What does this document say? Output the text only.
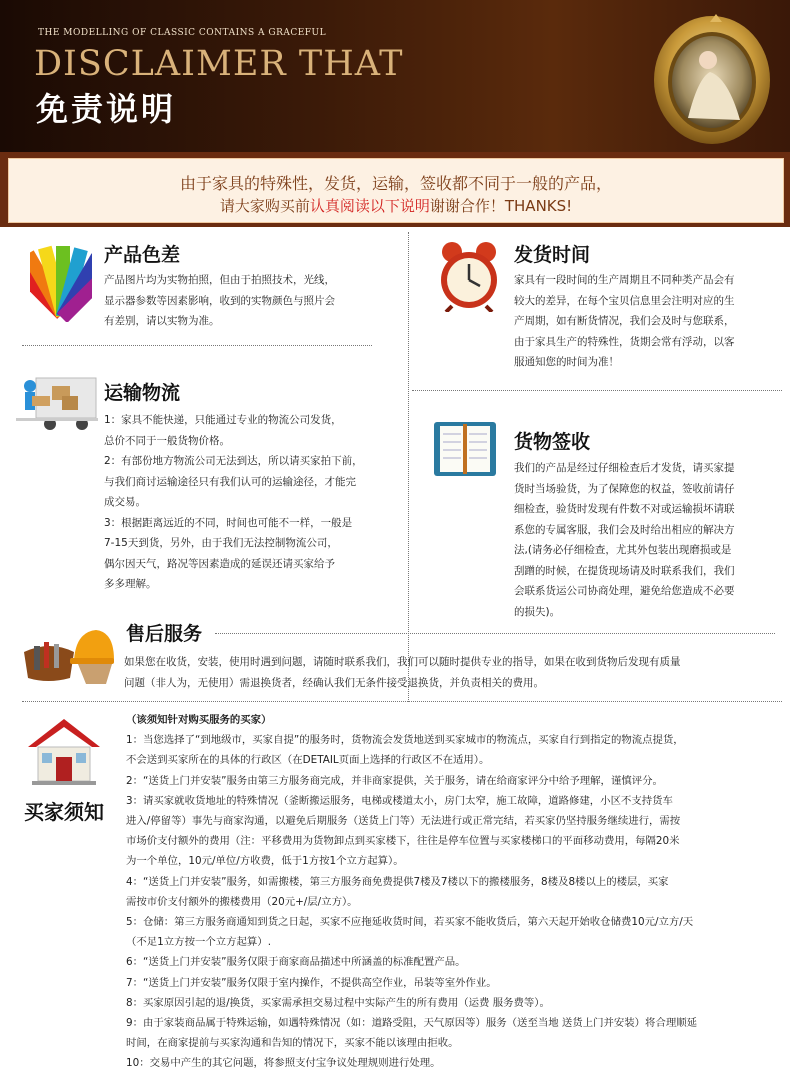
THE MODELLING OF CLASSIC CONTAINS A GRACEFUL
DISCLAIMER THAT
免责说明
由于家具的特殊性，发货，运输，签收都不同于一般的产品，
请大家购买前认真阅读以下说明谢谢合作！THANKS!
产品色差
产品图片均为实物拍照，但由于拍照技术，光线，
显示器参数等因素影响，收到的实物颜色与照片会
有差别，请以实物为准。
发货时间
家具有一段时间的生产周期且不同种类产品会有
较大的差异，在每个宝贝信息里会注明对应的生
产周期，如有断货情况，我们会及时与您联系，
由于家具生产的特殊性，货期会常有浮动，以客
服通知您的时间为准！
运输物流
1：家具不能快递，只能通过专业的物流公司发货，
总价不同于一般货物价格。
2：有部份地方物流公司无法到达，所以请买家拍下前，
与我们商讨运输途径只有我们认可的运输途径，才能完
成交易。
3：根据距离远近的不同，时间也可能不一样，一般是
7-15天到货，另外，由于我们无法控制物流公司，
偶尔因天气，路况等因素造成的延误还请买家给予
多多理解。
货物签收
我们的产品是经过仔细检查后才发货，请买家提
货时当场验货，为了保障您的权益，签收前请仔
细检查，验货时发现有件数不对或运输损坏请联
系您的专属客服，我们会及时给出相应的解决方
法,(请务必仔细检查，尤其外包装出现磨损或是
刮蹭的时候，在提货现场请及时联系我们，我们
会联系货运公司协商处理，避免给您造成不必要
的损失)。
售后服务
如果您在收货，安装，使用时遇到问题，请随时联系我们，我们可以随时提供专业的指导，如果在收到货物后发现有质量
问题（非人为，无使用）需退换货者，经确认我们无条件接受退换货，并负责相关的费用。
买家须知
（该须知针对购买服务的买家）
1：当您选择了“到地级市，买家自提”的服务时，货物流会发货地送到买家城市的物流点，买家自行到指定的物流点提货，
不会送到买家所在的具体的行政区（在DETAIL页面上选择的行政区不在适用）。
2：“送货上门并安装”服务由第三方服务商完成，并非商家提供，关于服务，请在给商家评分中给予理解，谨慎评分。
3：请买家就收货地址的特殊情况（釜断搬运服务，电梯或楼道太小，房门太窄，施工故障，道路修建，小区不支持货车
进入/停留等）事先与商家沟通，以避免后期服务（送货上门等）无法进行或正常完结，若买家仍坚持服务继续进行，需按
市场价支付额外的费用（注：平移费用为货物卸点到买家楼下，往往是停车位置与买家楼梯口的平面移动费用，每隔20米
为一个单位，10元/单位/方收费，低于1方按1个立方起算）。
4：“送货上门并安装”服务，如需搬楼，第三方服务商免费提供7楼及7楼以下的搬楼服务，8楼及8楼以上的楼层，买家
需按市价支付额外的搬楼费用（20元+/层/立方）。
5：仓储：第三方服务商通知到货之日起，买家不应拖延收货时间，若买家不能收货后，第六天起开始收仓储费10元/立方/天
（不足1立方按一个立方起算）.
6：“送货上门并安装”服务仅限于商家商品描述中所涵盖的标准配置产品。
7：“送货上门并安装”服务仅限于室内操作，不提供高空作业，吊装等室外作业。
8：买家原因引起的退/换货，买家需承担交易过程中实际产生的所有费用（运费 服务费等）。
9：由于家装商品属于特殊运输，如遇特殊情况（如：道路受阻，天气原因等）服务（送至当地 送货上门并安装）将合理顺延
时间，在商家提前与买家沟通和告知的情况下，买家不能以该理由拒收。
10：交易中产生的其它问题，将参照支付宝争议处理规则进行处理。
